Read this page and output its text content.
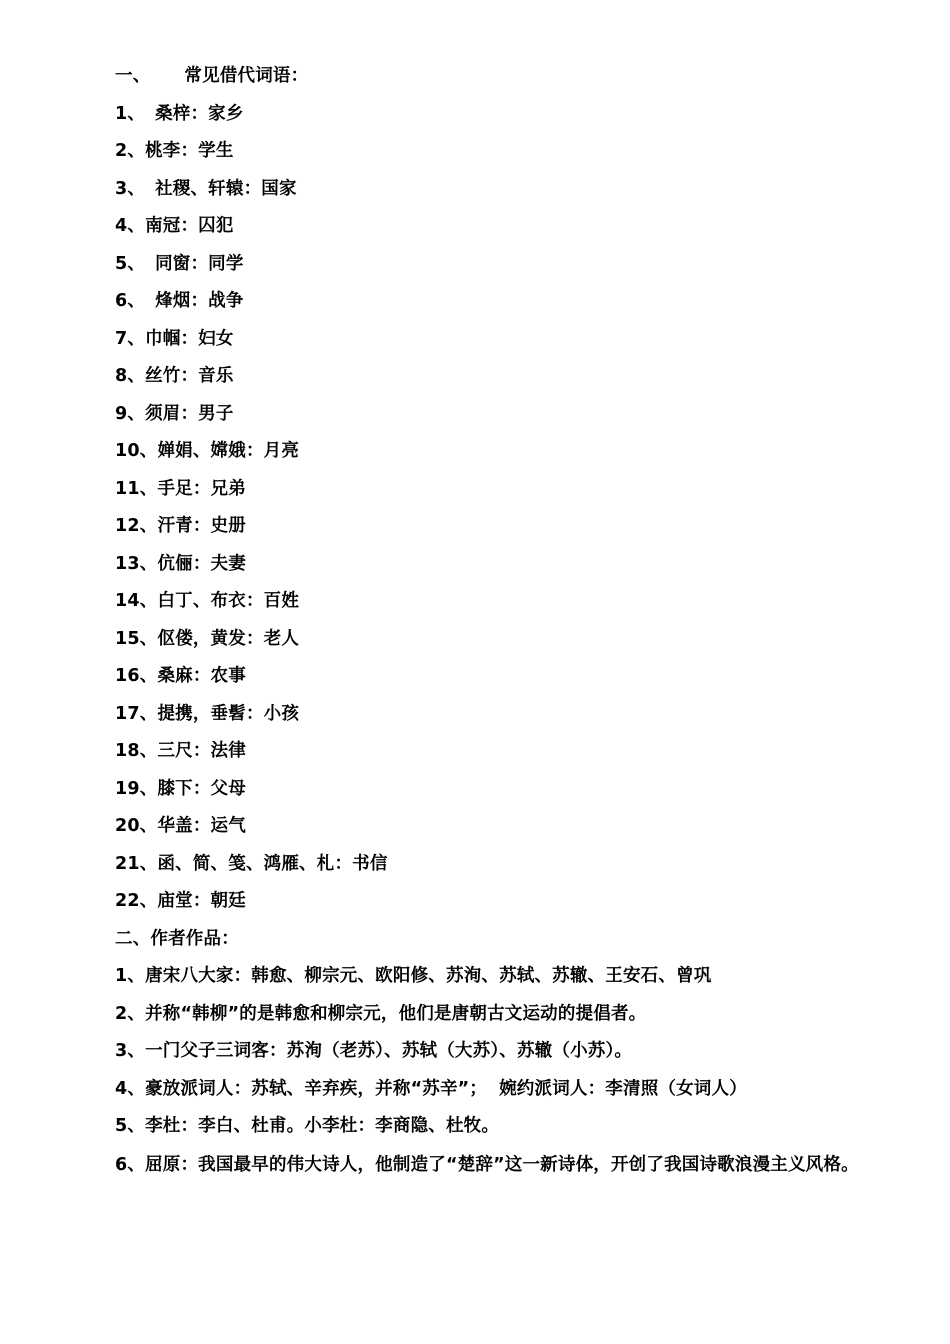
一、 常见借代词语：
1、 桑梓：家乡
2、桃李：学生
3、 社稷、轩辕：国家
4、南冠：囚犯
5、 同窗：同学
6、 烽烟：战争
7、巾帼：妇女
8、丝竹：音乐
9、须眉：男子
10、婵娟、嫦娥：月亮
11、手足：兄弟
12、汗青：史册
13、伉俪：夫妻
14、白丁、布衣：百姓
15、伛偻，黄发：老人
16、桑麻：农事
17、提携，垂髫：小孩
18、三尺：法律
19、膝下：父母
20、华盖：运气
21、函、简、笺、鸿雁、札：书信
22、庙堂：朝廷
二、作者作品：
1、唐宋八大家：韩愈、柳宗元、欧阳修、苏洵、苏轼、苏辙、王安石、曾巩
2、并称“韩柳”的是韩愈和柳宗元，他们是唐朝古文运动的提倡者。
3、一门父子三词客：苏洵（老苏）、苏轼（大苏）、苏辙（小苏）。
4、豪放派词人：苏轼、辛弃疾，并称“苏辛”； 婉约派词人：李清照（女词人）
5、李杜：李白、杜甫。小李杜：李商隐、杜牧。
6、屈原：我国最早的伟大诗人，他制造了“楚辞”这一新诗体，开创了我国诗歌浪漫主义风格。
